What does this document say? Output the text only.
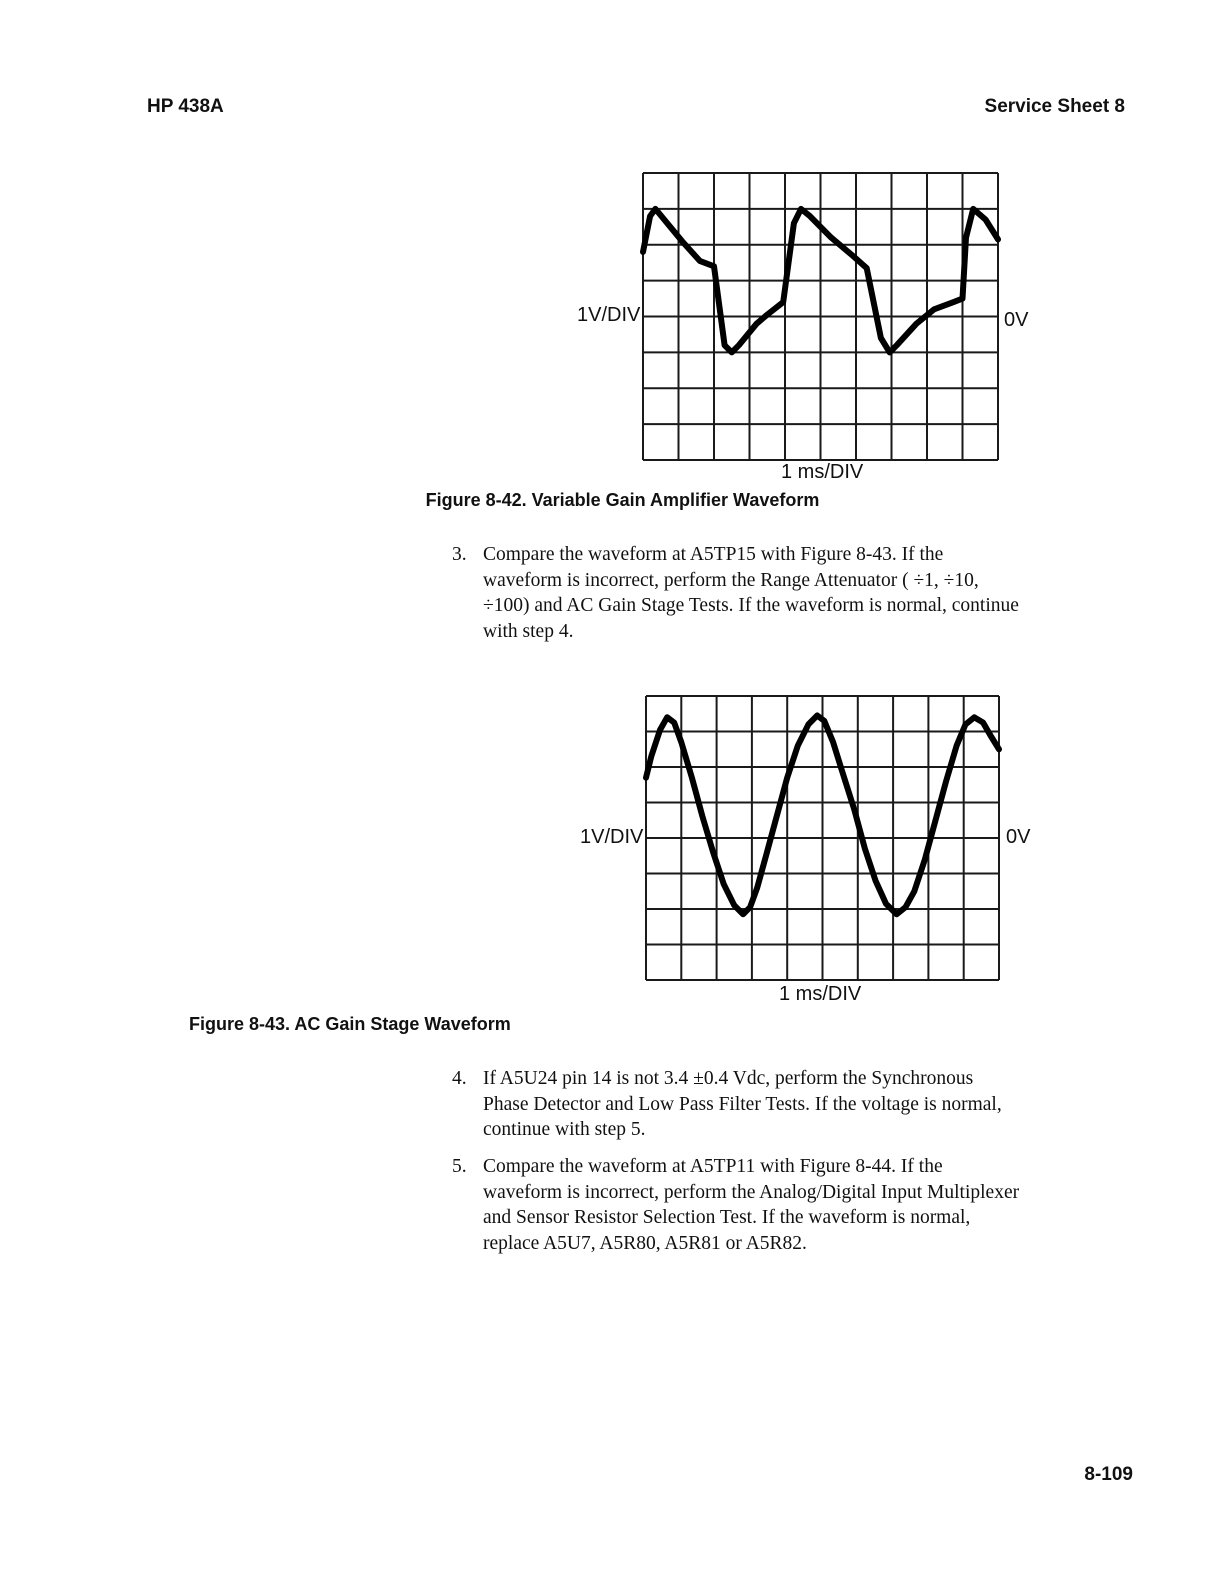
HP 438A	Service Sheet 8
1V/DIV	0V
1 ms/DIV
Figure 8-42. Variable Gain Amplifier Waveform
3. Compare the waveform at A5TP15 with Figure 8-43. If the
waveform is incorrect, perform the Range Attenuator ( ÷1, ÷10,
÷100) and AC Gain Stage Tests. If the waveform is normal, continue
with step 4.
1V/DIV	0V
1 ms/DIV
Figure 8-43. AC Gain Stage Waveform
4. If A5U24 pin 14 is not 3.4 ±0.4 Vdc, perform the Synchronous
Phase Detector and Low Pass Filter Tests. If the voltage is normal,
continue with step 5.
5. Compare the waveform at A5TP11 with Figure 8-44. If the
waveform is incorrect, perform the Analog/Digital Input Multiplexer
and Sensor Resistor Selection Test. If the waveform is normal,
replace A5U7, A5R80, A5R81 or A5R82.
8-109
